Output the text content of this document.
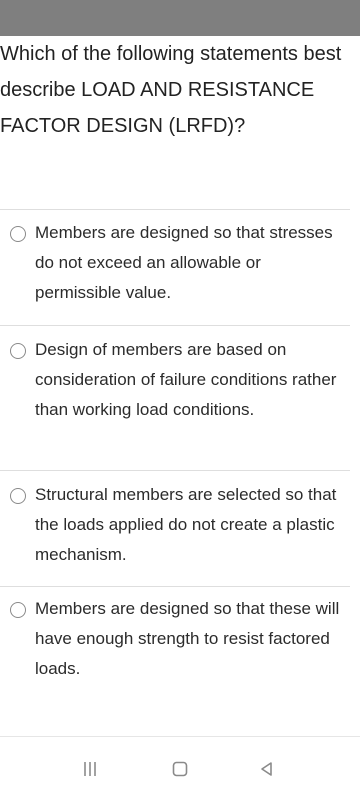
Which of the following statements best describe LOAD AND RESISTANCE FACTOR DESIGN (LRFD)?

Members are designed so that stresses do not exceed an allowable or permissible value.
Design of members are based on consideration of failure conditions rather than working load conditions.
Structural members are selected so that the loads applied do not create a plastic mechanism.
Members are designed so that these will have enough strength to resist factored loads.
